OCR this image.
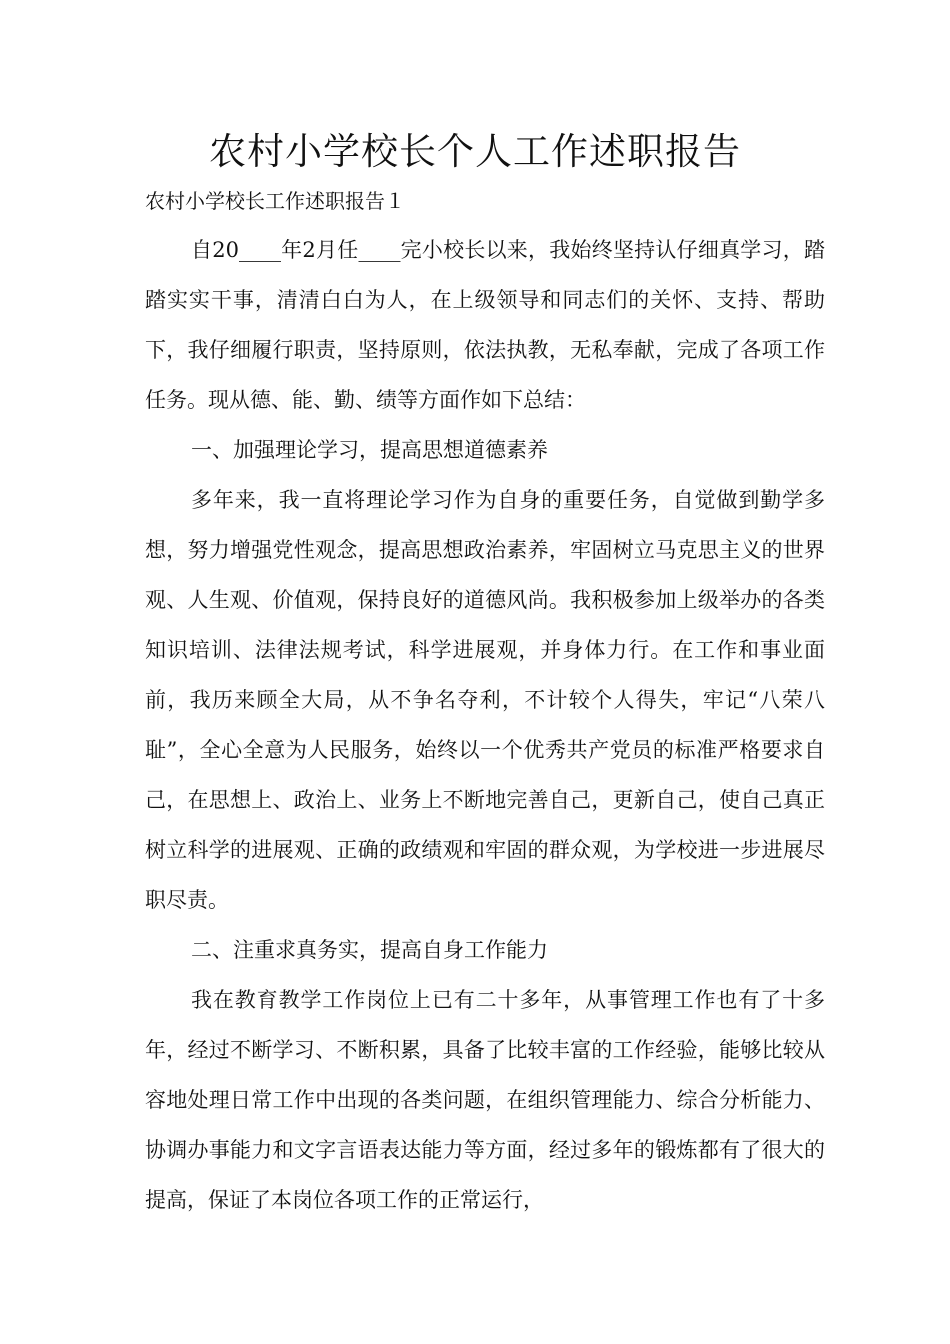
农村小学校长个人工作述职报告

农村小学校长工作述职报告１

自20____年2月任____完小校长以来，我始终坚持认仔细真学习，踏踏实实干事，清清白白为人，在上级领导和同志们的关怀、支持、帮助下，我仔细履行职责，坚持原则，依法执教，无私奉献，完成了各项工作任务。现从德、能、勤、绩等方面作如下总结：

一、加强理论学习，提高思想道德素养

多年来，我一直将理论学习作为自身的重要任务，自觉做到勤学多想，努力增强党性观念，提高思想政治素养，牢固树立马克思主义的世界观、人生观、价值观，保持良好的道德风尚。我积极参加上级举办的各类知识培训、法律法规考试，科学进展观，并身体力行。在工作和事业面前，我历来顾全大局，从不争名夺利，不计较个人得失，牢记“八荣八耻”，全心全意为人民服务，始终以一个优秀共产党员的标准严格要求自己，在思想上、政治上、业务上不断地完善自己，更新自己，使自己真正树立科学的进展观、正确的政绩观和牢固的群众观，为学校进一步进展尽职尽责。

二、注重求真务实，提高自身工作能力

我在教育教学工作岗位上已有二十多年，从事管理工作也有了十多年，经过不断学习、不断积累，具备了比较丰富的工作经验，能够比较从容地处理日常工作中出现的各类问题，在组织管理能力、综合分析能力、协调办事能力和文字言语表达能力等方面，经过多年的锻炼都有了很大的提高，保证了本岗位各项工作的正常运行，
